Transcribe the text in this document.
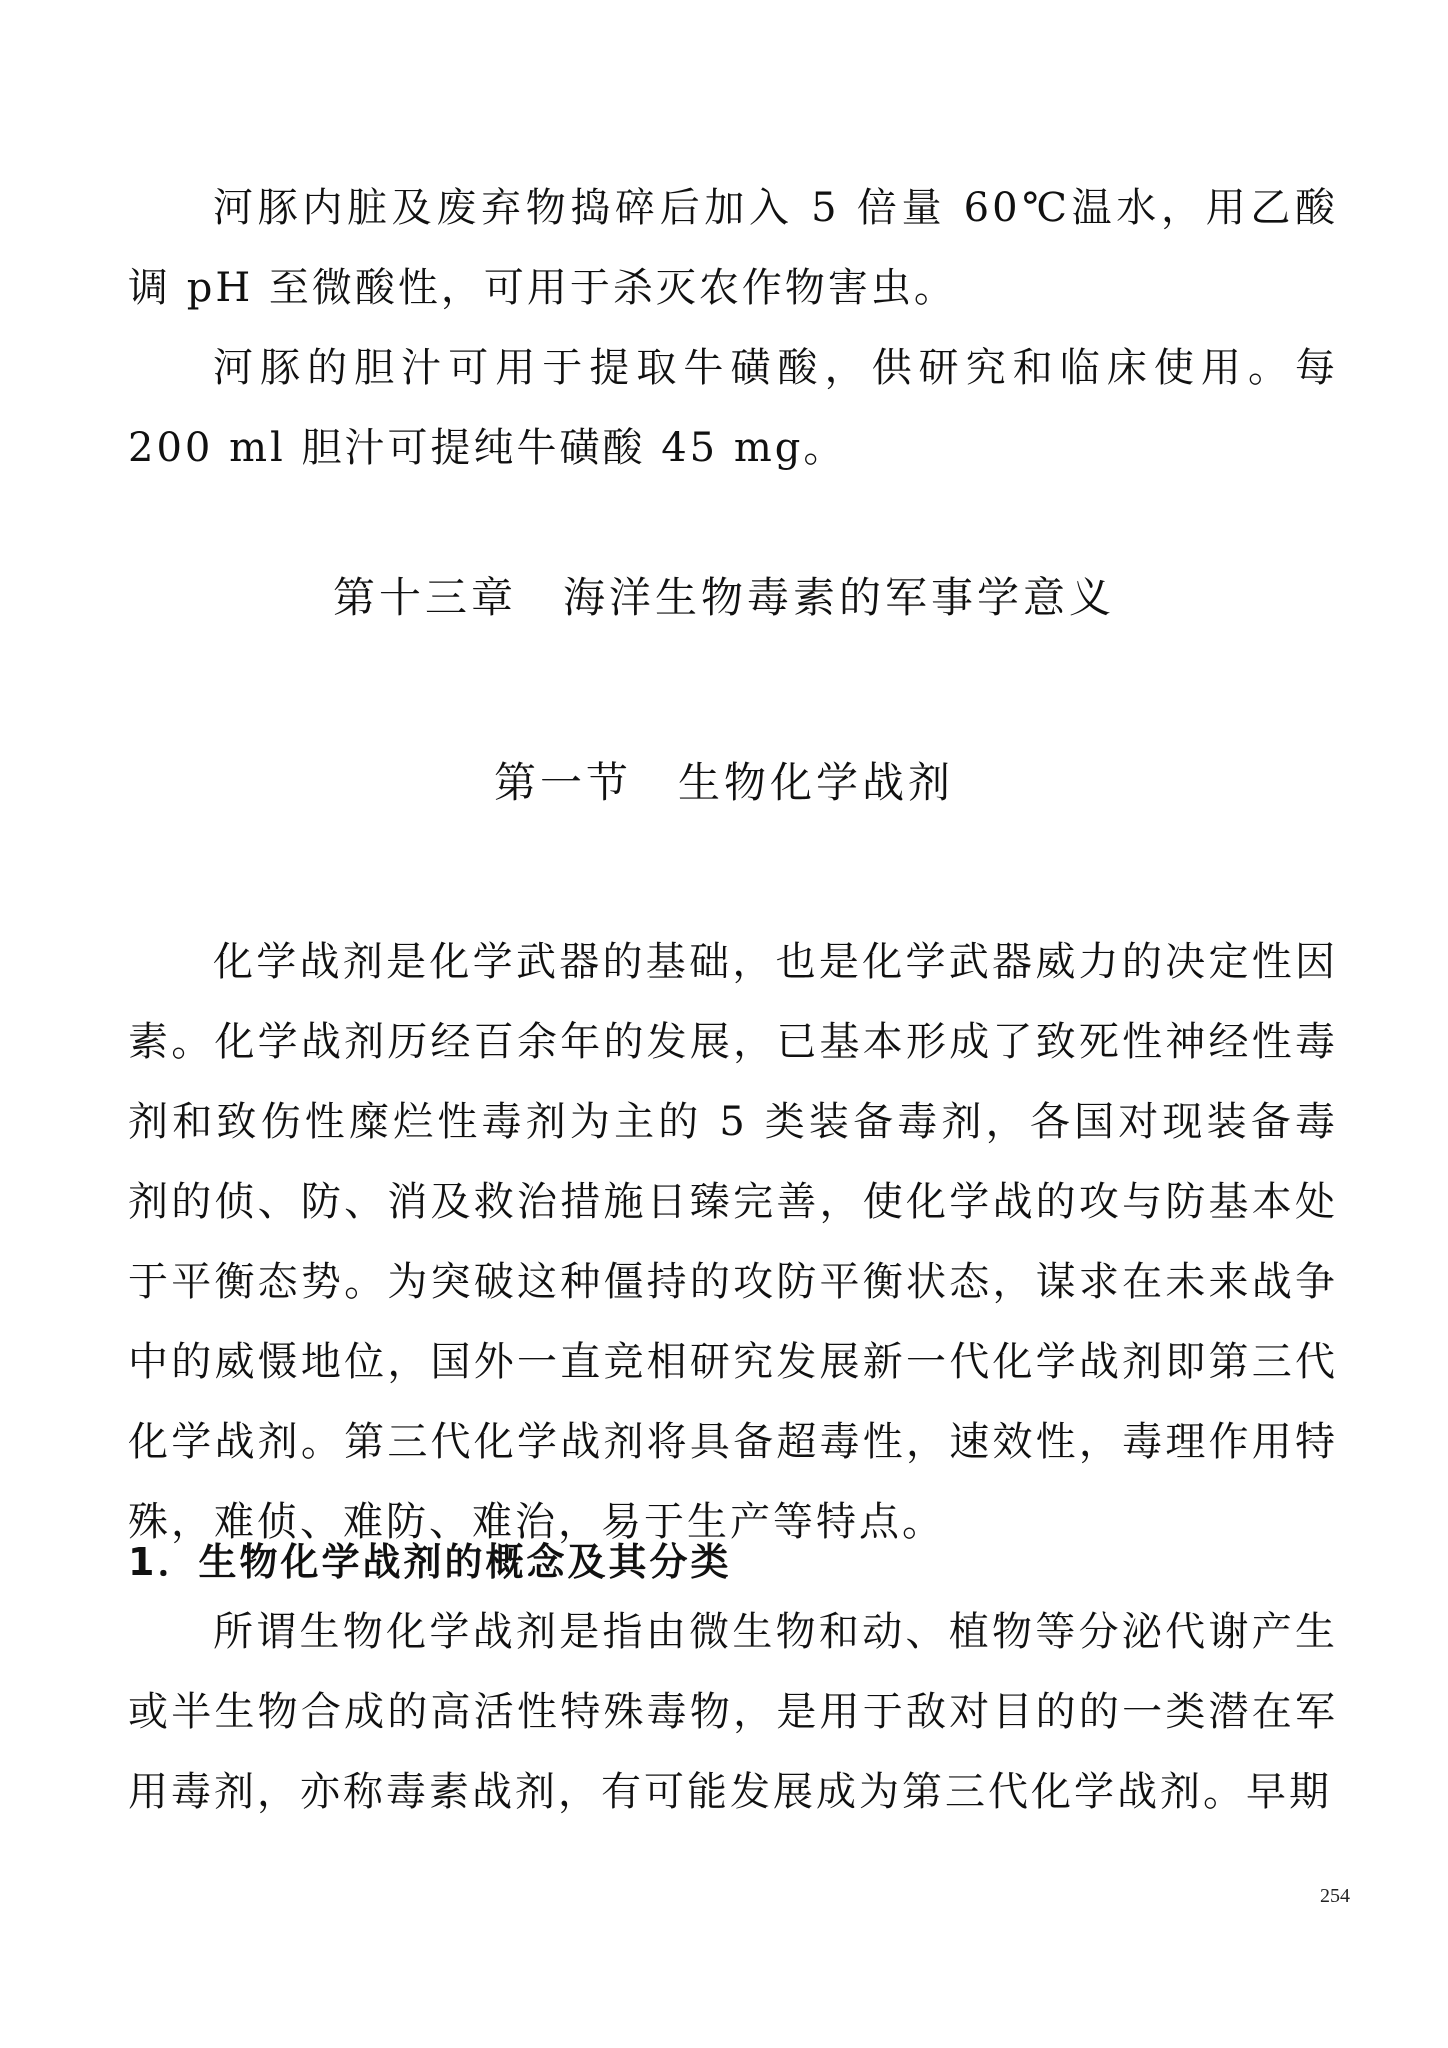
河豚内脏及废弃物捣碎后加入 5 倍量 60℃温水，用乙酸调 pH 至微酸性，可用于杀灭农作物害虫。

河豚的胆汁可用于提取牛磺酸，供研究和临床使用。每 200 ml 胆汁可提纯牛磺酸 45 mg。

第十三章　海洋生物毒素的军事学意义
第一节　生物化学战剂

化学战剂是化学武器的基础，也是化学武器威力的决定性因素。化学战剂历经百余年的发展，已基本形成了致死性神经性毒剂和致伤性糜烂性毒剂为主的 5 类装备毒剂，各国对现装备毒剂的侦、防、消及救治措施日臻完善，使化学战的攻与防基本处于平衡态势。为突破这种僵持的攻防平衡状态，谋求在未来战争中的威慑地位，国外一直竞相研究发展新一代化学战剂即第三代化学战剂。第三代化学战剂将具备超毒性，速效性，毒理作用特殊，难侦、难防、难治，易于生产等特点。

1．生物化学战剂的概念及其分类

所谓生物化学战剂是指由微生物和动、植物等分泌代谢产生或半生物合成的高活性特殊毒物，是用于敌对目的的一类潜在军用毒剂，亦称毒素战剂，有可能发展成为第三代化学战剂。早期

254
